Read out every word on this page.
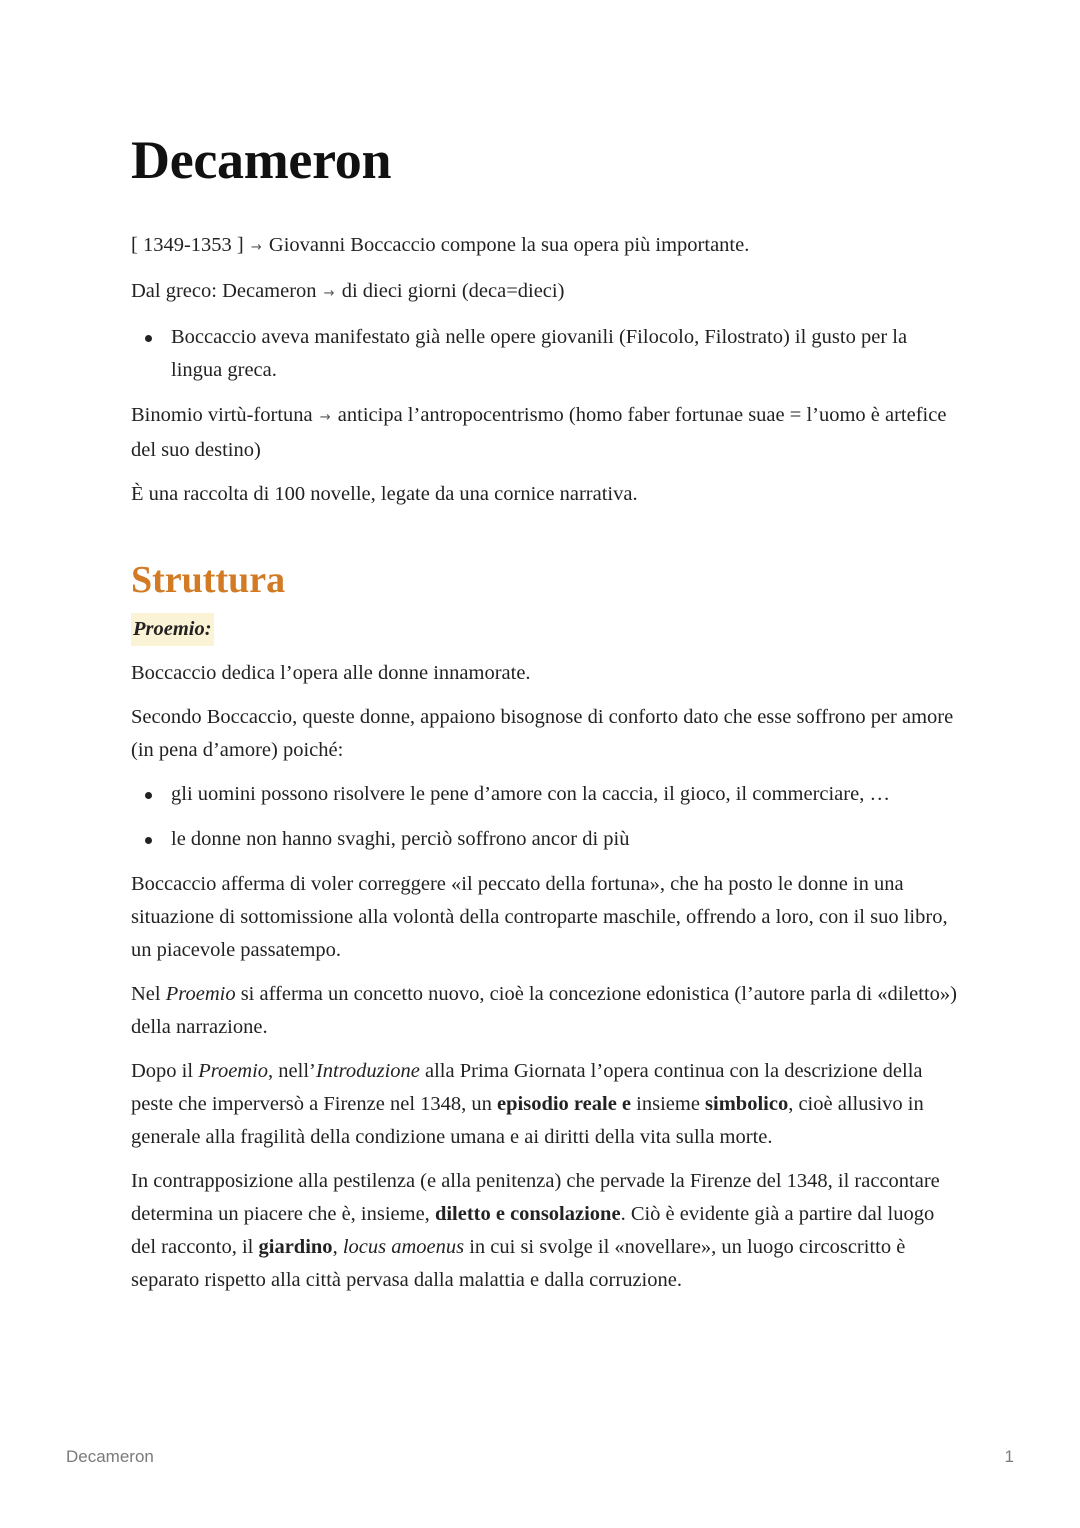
Decameron

[ 1349-1353 ] → Giovanni Boccaccio compone la sua opera più importante.

Dal greco: Decameron → di dieci giorni (deca=dieci)

Boccaccio aveva manifestato già nelle opere giovanili (Filocolo, Filostrato) il gusto per la lingua greca.

Binomio virtù-fortuna → anticipa l’antropocentrismo (homo faber fortunae suae = l’uomo è artefice del suo destino)

È una raccolta di 100 novelle, legate da una cornice narrativa.

Struttura

Proemio:

Boccaccio dedica l’opera alle donne innamorate.

Secondo Boccaccio, queste donne, appaiono bisognose di conforto dato che esse soffrono per amore (in pena d’amore) poiché:

gli uomini possono risolvere le pene d’amore con la caccia, il gioco, il commerciare, …
le donne non hanno svaghi, perciò soffrono ancor di più

Boccaccio afferma di voler correggere «il peccato della fortuna», che ha posto le donne in una situazione di sottomissione alla volontà della controparte maschile, offrendo a loro, con il suo libro, un piacevole passatempo.

Nel Proemio si afferma un concetto nuovo, cioè la concezione edonistica (l’autore parla di «diletto») della narrazione.

Dopo il Proemio, nell’Introduzione alla Prima Giornata l’opera continua con la descrizione della peste che imperversò a Firenze nel 1348, un episodio reale e insieme simbolico, cioè allusivo in generale alla fragilità della condizione umana e ai diritti della vita sulla morte.

In contrapposizione alla pestilenza (e alla penitenza) che pervade la Firenze del 1348, il raccontare determina un piacere che è, insieme, diletto e consolazione. Ciò è evidente già a partire dal luogo del racconto, il giardino, locus amoenus in cui si svolge il «novellare», un luogo circoscritto è separato rispetto alla città pervasa dalla malattia e dalla corruzione.

Decameron	1
